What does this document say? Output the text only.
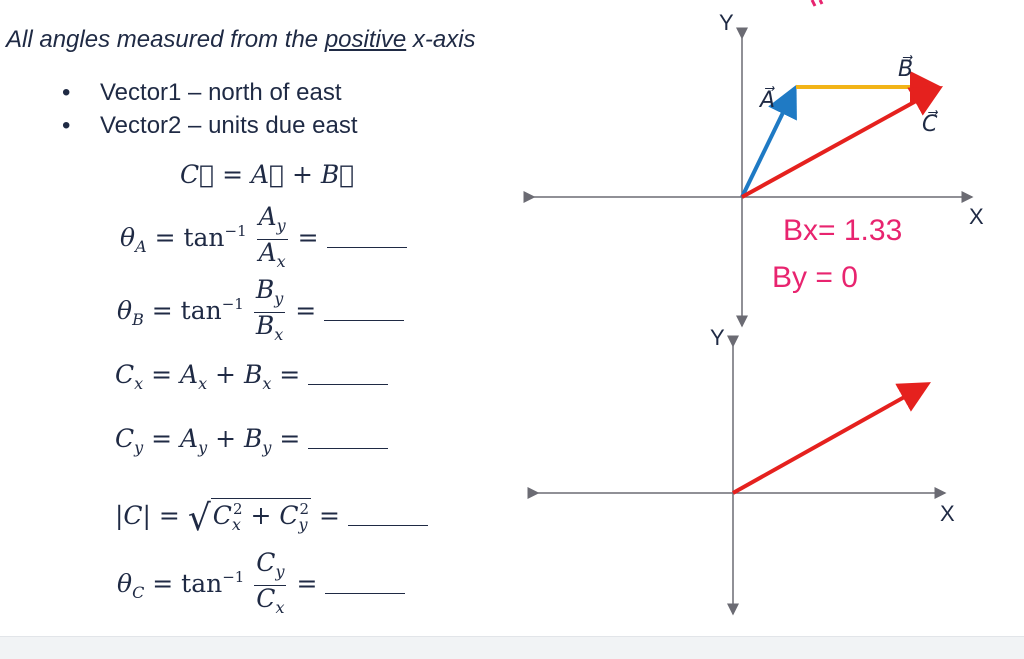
All angles measured from the positive x-axis
• Vector1 – north of east
• Vector2 – units due east
C⃗ = A⃗ + B⃗
$\theta_A = \tan^{-1} \frac{A_y}{A_x}$ =
$\theta_B = \tan^{-1} \frac{B_y}{B_x}$ =
$C_x = A_x + B_x$ =
$C_y = A_y + B_y$ =
$|C| = √C_x^2 + C_y^2$ =
$\theta_C = \tan^{-1} \frac{C_y}{C_x}$ =
Y
X
A⃗
B⃗
C⃗
Bx= 1.33
By = 0
Y
X
